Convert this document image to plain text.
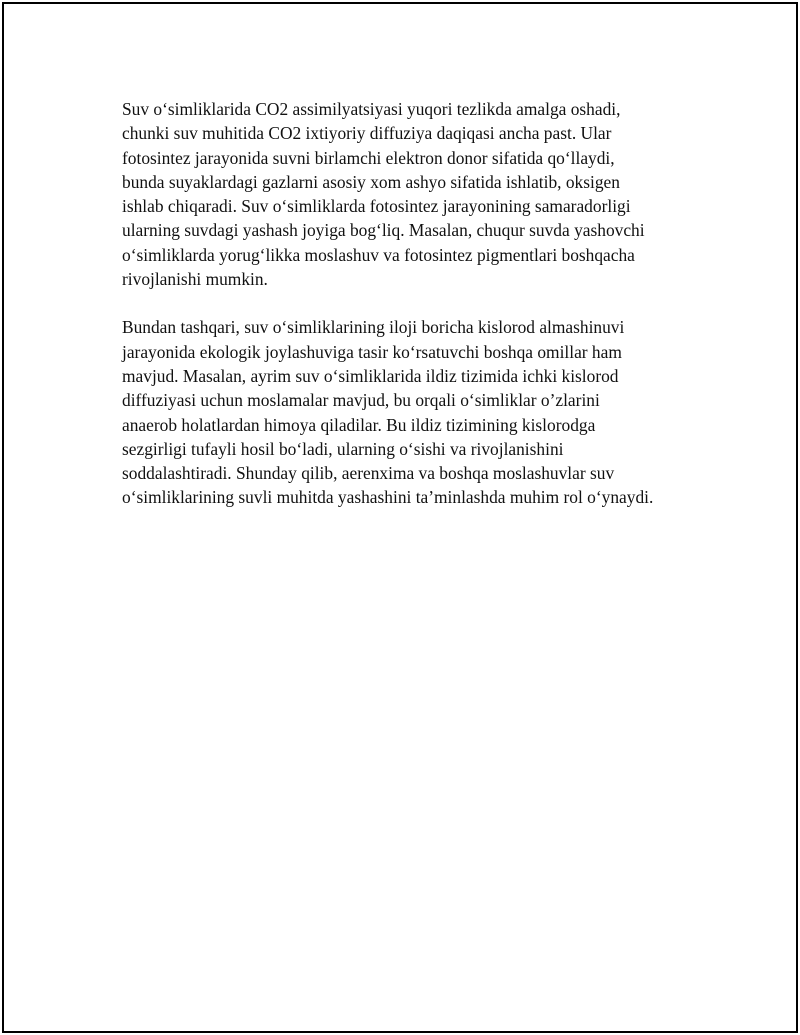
Suv o‘simliklarida CO2 assimilyatsiyasi yuqori tezlikda amalga oshadi,
chunki suv muhitida CO2 ixtiyoriy diffuziya daqiqasi ancha past. Ular
fotosintez jarayonida suvni birlamchi elektron donor sifatida qo‘llaydi,
bunda suyaklardagi gazlarni asosiy xom ashyo sifatida ishlatib, oksigen
ishlab chiqaradi. Suv o‘simliklarda fotosintez jarayonining samaradorligi
ularning suvdagi yashash joyiga bog‘liq. Masalan, chuqur suvda yashovchi
o‘simliklarda yorug‘likka moslashuv va fotosintez pigmentlari boshqacha
rivojlanishi mumkin.

Bundan tashqari, suv o‘simliklarining iloji boricha kislorod almashinuvi
jarayonida ekologik joylashuviga tasir ko‘rsatuvchi boshqa omillar ham
mavjud. Masalan, ayrim suv o‘simliklarida ildiz tizimida ichki kislorod
diffuziyasi uchun moslamalar mavjud, bu orqali o‘simliklar o’zlarini
anaerob holatlardan himoya qiladilar. Bu ildiz tizimining kislorodga
sezgirligi tufayli hosil bo‘ladi, ularning o‘sishi va rivojlanishini
soddalashtiradi. Shunday qilib, aerenxima va boshqa moslashuvlar suv
o‘simliklarining suvli muhitda yashashini ta’minlashda muhim rol o‘ynaydi.
